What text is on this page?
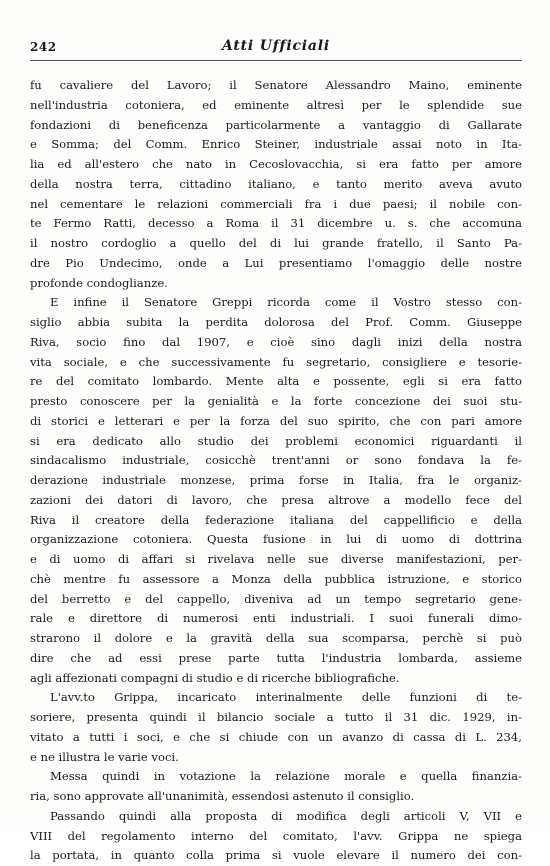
242	Atti Ufficiali
fu cavaliere del Lavoro; il Senatore Alessandro Maino, eminente
nell'industria cotoniera, ed eminente altresì per le splendide sue
fondazioni di beneficenza particolarmente a vantaggio di Gallarate
e Somma; del Comm. Enrico Steiner, industriale assai noto in Ita-
lia ed all'estero che nato in Cecoslovacchia, si era fatto per amore
della nostra terra, cittadino italiano, e tanto merito aveva avuto
nel cementare le relazioni commerciali fra i due paesi; il nobile con-
te Fermo Ratti, decesso a Roma il 31 dicembre u. s. che accomuna
il nostro cordoglio a quello del di lui grande fratello, il Santo Pa-
dre Pio Undecimo, onde a Lui presentiamo l'omaggio delle nostre
profonde condoglianze.
E infine il Senatore Greppi ricorda come il Vostro stesso con-
siglio abbia subita la perdita dolorosa del Prof. Comm. Giuseppe
Riva, socio fino dal 1907, e cioè sino dagli inizi della nostra
vita sociale, e che successivamente fu segretario, consigliere e tesorie-
re del comitato lombardo. Mente alta e possente, egli si era fatto
presto conoscere per la genialità e la forte concezione dei suoi stu-
di storici e letterari e per la forza del suo spirito, che con pari amore
si era dedicato allo studio dei problemi economici riguardanti il
sindacalismo industriale, cosicchè trent'anni or sono fondava la fe-
derazione industriale monzese, prima forse in Italia, fra le organiz-
zazioni dei datori di lavoro, che presa altrove a modello fece del
Riva il creatore della federazione italiana del cappellificio e della
organizzazione cotoniera. Questa fusione in lui di uomo di dottrina
e di uomo di affari si rivelava nelle sue diverse manifestazioni, per-
chè mentre fu assessore a Monza della pubblica istruzione, e storico
del berretto e del cappello, diveniva ad un tempo segretario gene-
rale e direttore di numerosi enti industriali. I suoi funerali dimo-
strarono il dolore e la gravità della sua scomparsa, perchè si può
dire che ad essi prese parte tutta l'industria lombarda, assieme
agli affezionati compagni di studio e di ricerche bibliografiche.
L'avv.to Grippa, incaricato interinalmente delle funzioni di te-
soriere, presenta quindi il bilancio sociale a tutto il 31 dic. 1929, in-
vitato a tutti i soci, e che si chiude con un avanzo di cassa di L. 234,
e ne illustra le varie voci.
Messa quindi in votazione la relazione morale e quella finanzia-
ria, sono approvate all'unanimità, essendosi astenuto il consiglio.
Passando quindi alla proposta di modifica degli articoli V, VII e
VIII del regolamento interno del comitato, l'avv. Grippa ne spiega
la portata, in quanto colla prima si vuole elevare il numero dei con-
